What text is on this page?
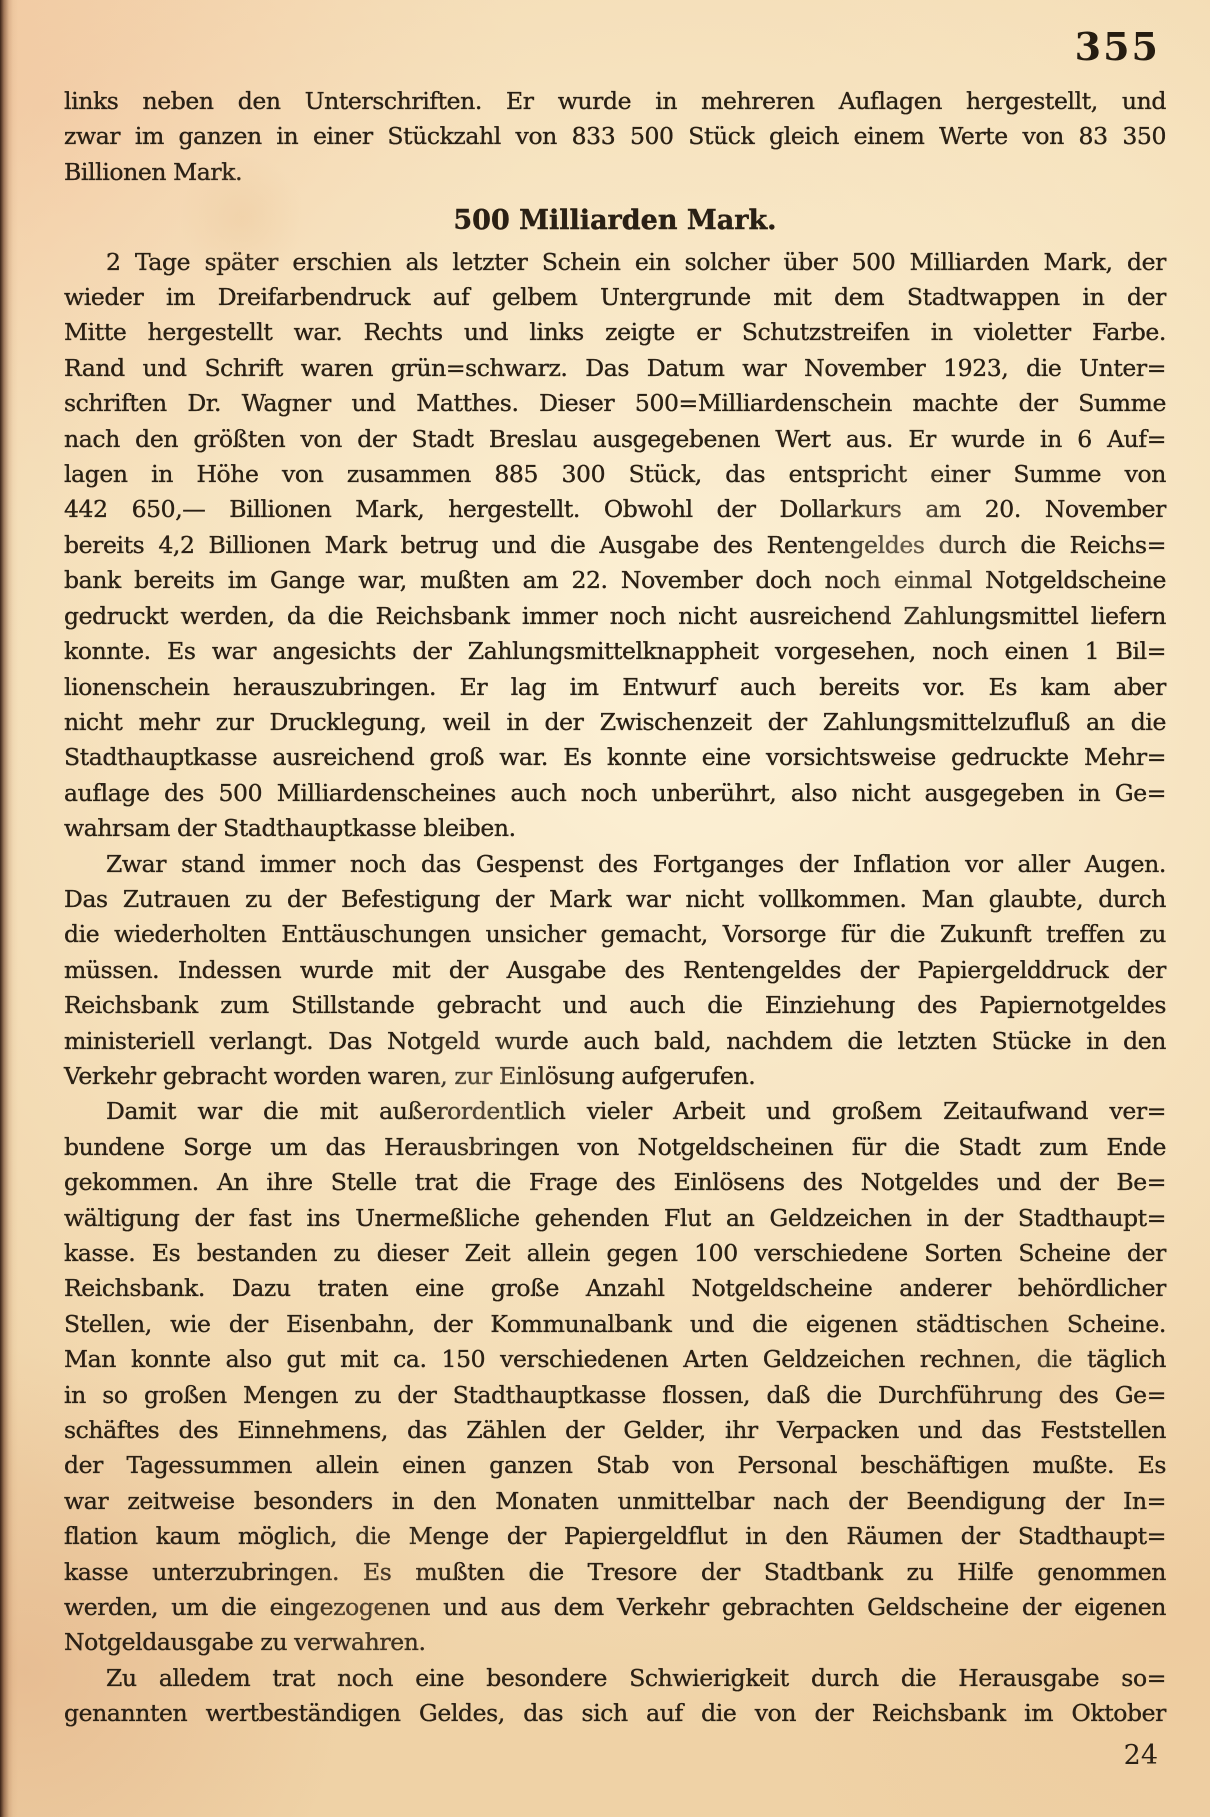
355
links neben den Unterschriften. Er wurde in mehreren Auflagen hergestellt, und
zwar im ganzen in einer Stückzahl von 833 500 Stück gleich einem Werte von 83 350
Billionen Mark.
500 Milliarden Mark.
2 Tage später erschien als letzter Schein ein solcher über 500 Milliarden Mark, der
wieder im Dreifarbendruck auf gelbem Untergrunde mit dem Stadtwappen in der
Mitte hergestellt war. Rechts und links zeigte er Schutzstreifen in violetter Farbe.
Rand und Schrift waren grün=schwarz. Das Datum war November 1923, die Unter=
schriften Dr. Wagner und Matthes. Dieser 500=Milliardenschein machte der Summe
nach den größten von der Stadt Breslau ausgegebenen Wert aus. Er wurde in 6 Auf=
lagen in Höhe von zusammen 885 300 Stück, das entspricht einer Summe von
442 650,— Billionen Mark, hergestellt. Obwohl der Dollarkurs am 20. November
bereits 4,2 Billionen Mark betrug und die Ausgabe des Rentengeldes durch die Reichs=
bank bereits im Gange war, mußten am 22. November doch noch einmal Notgeldscheine
gedruckt werden, da die Reichsbank immer noch nicht ausreichend Zahlungsmittel liefern
konnte. Es war angesichts der Zahlungsmittelknappheit vorgesehen, noch einen 1 Bil=
lionenschein herauszubringen. Er lag im Entwurf auch bereits vor. Es kam aber
nicht mehr zur Drucklegung, weil in der Zwischenzeit der Zahlungsmittelzufluß an die
Stadthauptkasse ausreichend groß war. Es konnte eine vorsichtsweise gedruckte Mehr=
auflage des 500 Milliardenscheines auch noch unberührt, also nicht ausgegeben in Ge=
wahrsam der Stadthauptkasse bleiben.
Zwar stand immer noch das Gespenst des Fortganges der Inflation vor aller Augen.
Das Zutrauen zu der Befestigung der Mark war nicht vollkommen. Man glaubte, durch
die wiederholten Enttäuschungen unsicher gemacht, Vorsorge für die Zukunft treffen zu
müssen. Indessen wurde mit der Ausgabe des Rentengeldes der Papiergelddruck der
Reichsbank zum Stillstande gebracht und auch die Einziehung des Papiernotgeldes
ministeriell verlangt. Das Notgeld wurde auch bald, nachdem die letzten Stücke in den
Verkehr gebracht worden waren, zur Einlösung aufgerufen.
Damit war die mit außerordentlich vieler Arbeit und großem Zeitaufwand ver=
bundene Sorge um das Herausbringen von Notgeldscheinen für die Stadt zum Ende
gekommen. An ihre Stelle trat die Frage des Einlösens des Notgeldes und der Be=
wältigung der fast ins Unermeßliche gehenden Flut an Geldzeichen in der Stadthaupt=
kasse. Es bestanden zu dieser Zeit allein gegen 100 verschiedene Sorten Scheine der
Reichsbank. Dazu traten eine große Anzahl Notgeldscheine anderer behördlicher
Stellen, wie der Eisenbahn, der Kommunalbank und die eigenen städtischen Scheine.
Man konnte also gut mit ca. 150 verschiedenen Arten Geldzeichen rechnen, die täglich
in so großen Mengen zu der Stadthauptkasse flossen, daß die Durchführung des Ge=
schäftes des Einnehmens, das Zählen der Gelder, ihr Verpacken und das Feststellen
der Tagessummen allein einen ganzen Stab von Personal beschäftigen mußte. Es
war zeitweise besonders in den Monaten unmittelbar nach der Beendigung der In=
flation kaum möglich, die Menge der Papiergeldflut in den Räumen der Stadthaupt=
kasse unterzubringen. Es mußten die Tresore der Stadtbank zu Hilfe genommen
werden, um die eingezogenen und aus dem Verkehr gebrachten Geldscheine der eigenen
Notgeldausgabe zu verwahren.
Zu alledem trat noch eine besondere Schwierigkeit durch die Herausgabe so=
genannten wertbeständigen Geldes, das sich auf die von der Reichsbank im Oktober
24
